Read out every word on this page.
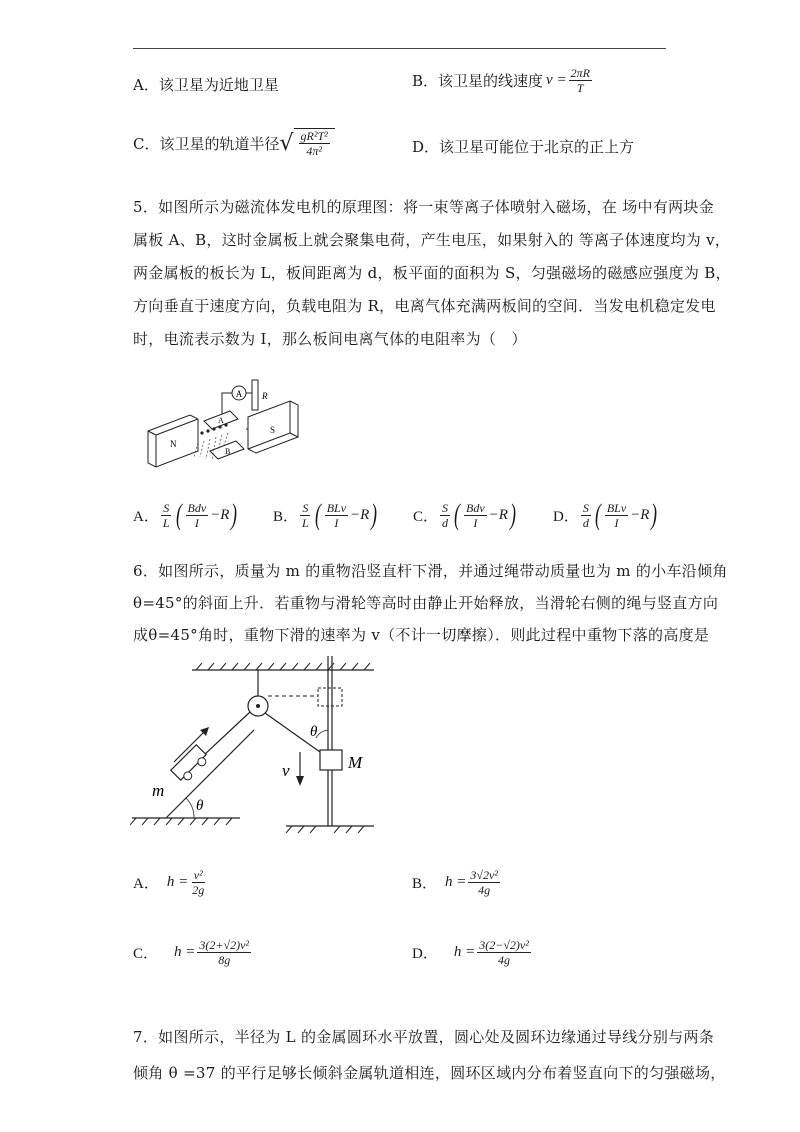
A． 该卫星为近地卫星	B． 该卫星的线速度 $v = \frac{2\pi R}{T}$
C． 该卫星的轨道半径 √ $\frac{\text{gR²T²}}{\text{4π²}}$	D． 该卫星可能位于北京的正上方
5．如图所示为磁流体发电机的原理图：将一束等离子体喷射入磁场，在 场中有两块金
属板 A、B，这时金属板上就会聚集电荷，产生电压，如果射入的 等离子体速度均为 v，
两金属板的板长为 L，板间距离为 d，板平面的面积为 S，匀强磁场的磁感应强度为 B，
方向垂直于速度方向，负载电阻为 R，电离气体充满两板间的空间．当发电机稳定发电
时，电流表示数为 I，那么板间电离气体的电阻率为（　）
A R
N
S
A
B
A． $\frac{S}{L}$ ( $\frac{\text{Bdv}}{I} -R$ ) B． $\frac{S}{L}$ ( $\frac{\text{BLv}}{I} -R$ ) C． $\frac{S}{d}$ ( $\frac{\text{Bdv}}{I} -R$ ) D． $\frac{S}{d}$ ( $\frac{\text{BLv}}{I} -R$ )
6．如图所示，质量为 m 的重物沿竖直杆下滑，并通过绳带动质量也为 m 的小车沿倾角
θ=45°的斜面上升．若重物与滑轮等高时由静止开始释放，当滑轮右侧的绳与竖直方向
成θ=45°角时，重物下滑的速率为 v（不计一切摩擦）．则此过程中重物下落的高度是
θ
M
v
m
θ
A． $h = \frac{\text{v²}}{2g}$	B． $h = \frac{\text{3√2v²}}{4g}$
C． $h = \frac{\text{3(2+√2)v²}}{8g}$	D． $h = \frac{\text{3(2−√2)v²}}{4g}$
7．如图所示，半径为 L 的金属圆环水平放置，圆心处及圆环边缘通过导线分别与两条
倾角 θ =37 的平行足够长倾斜金属轨道相连，圆环区域内分布着竖直向下的匀强磁场，
